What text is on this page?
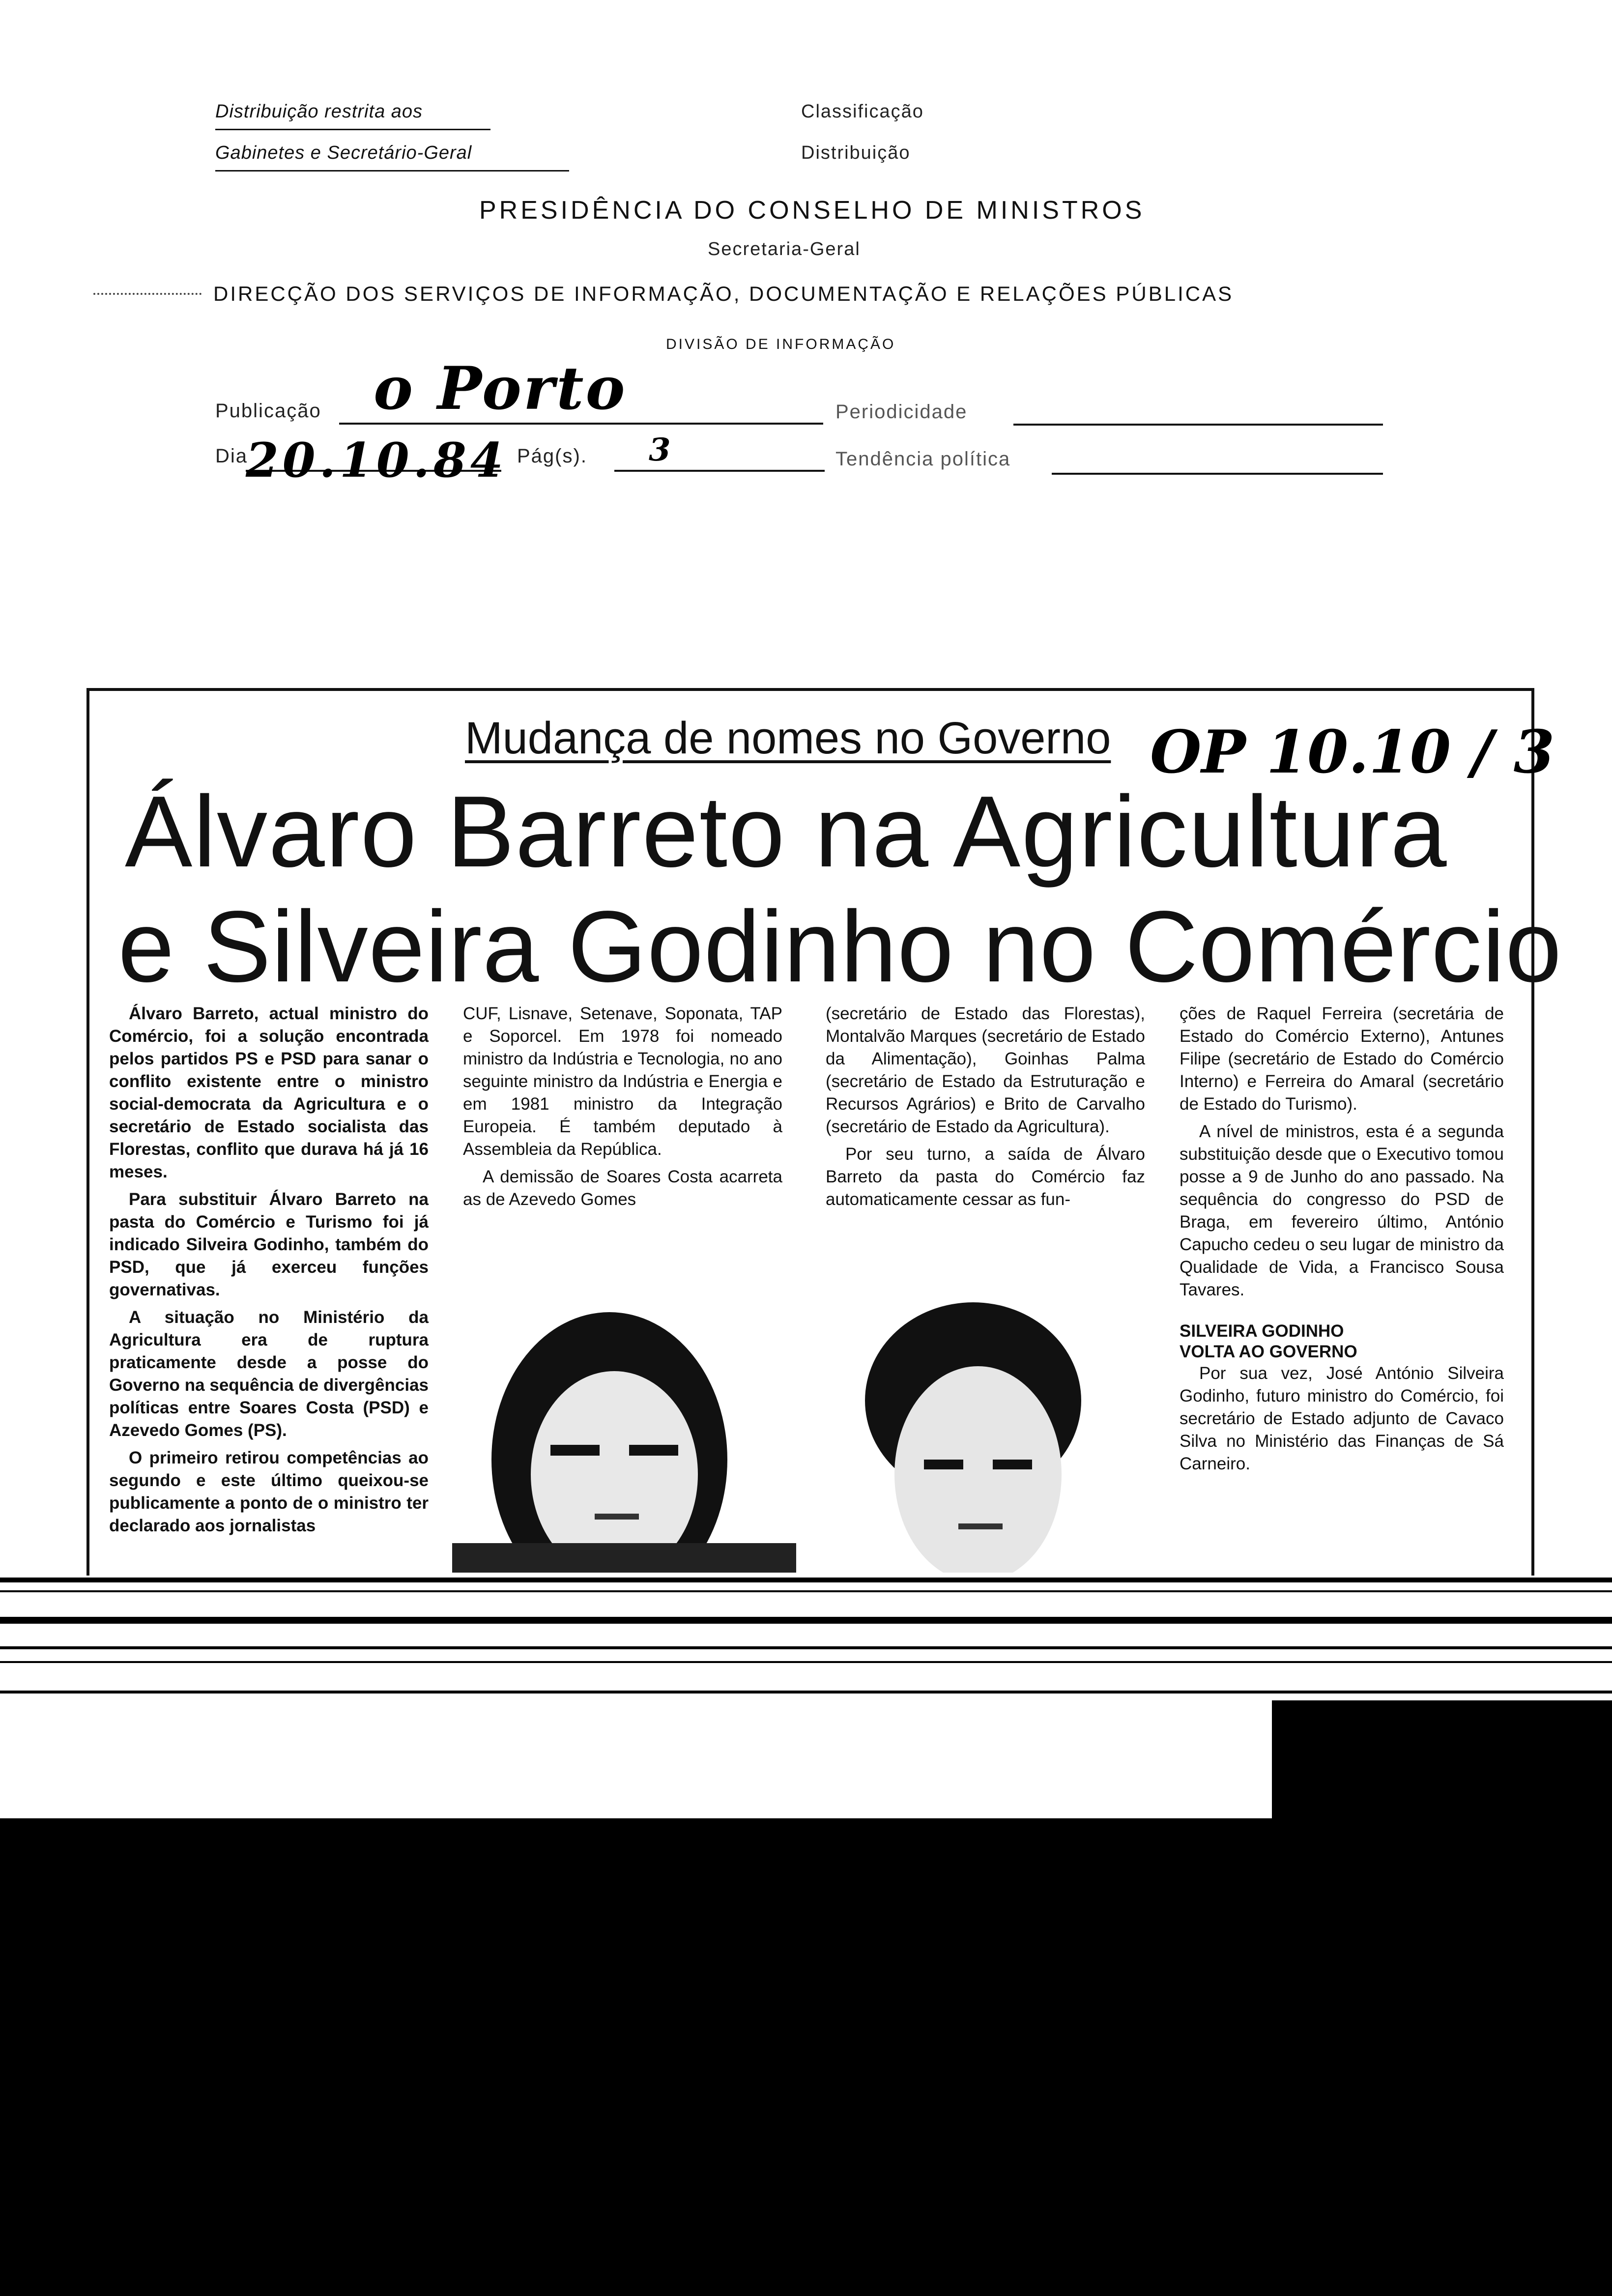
Distribuição restrita aos
Gabinetes e Secretário-Geral
Classificação
Distribuição
PRESIDÊNCIA DO CONSELHO DE MINISTROS
Secretaria-Geral
DIRECÇÃO DOS SERVIÇOS DE INFORMAÇÃO, DOCUMENTAÇÃO E RELAÇÕES PÚBLICAS
DIVISÃO DE INFORMAÇÃO
Publicação o Porto	Periodicidade
Dia
20.10.84 Pág(s). 3	Tendência política
Mudança de nomes no Governo OP 10.10 / 3
Álvaro Barreto na Agricultura
e Silveira Godinho no Comércio

Álvaro Barreto, actual ministro do Comércio, foi a solução encontrada pelos partidos PS e PSD para sanar o conflito existente entre o ministro social-democrata da Agricultura e o secretário de Estado socialista das Florestas, conflito que durava há já 16 meses.

Para substituir Álvaro Barreto na pasta do Comércio e Turismo foi já indicado Silveira Godinho, também do PSD, que já exerceu funções governativas.

A situação no Ministério da Agricultura era de ruptura praticamente desde a posse do Governo na sequência de divergências políticas entre Soares Costa (PSD) e Azevedo Gomes (PS).

O primeiro retirou competências ao segundo e este último queixou-se publicamente a ponto de o ministro ter declarado aos jornalistas

CUF, Lisnave, Setenave, Soponata, TAP e Soporcel. Em 1978 foi nomeado ministro da Indústria e Tecnologia, no ano seguinte ministro da Indústria e Energia e em 1981 ministro da Integração Europeia. É também deputado à Assembleia da República.

A demissão de Soares Costa acarreta as de Azevedo Gomes

(secretário de Estado das Florestas), Montalvão Marques (secretário de Estado da Alimentação), Goinhas Palma (secretário de Estado da Estruturação e Recursos Agrários) e Brito de Carvalho (secretário de Estado da Agricultura).

Por seu turno, a saída de Álvaro Barreto da pasta do Comércio faz automaticamente cessar as fun-

ções de Raquel Ferreira (secretária de Estado do Comércio Externo), Antunes Filipe (secretário de Estado do Comércio Interno) e Ferreira do Amaral (secretário de Estado do Turismo).

A nível de ministros, esta é a segunda substituição desde que o Executivo tomou posse a 9 de Junho do ano passado. Na sequência do congresso do PSD de Braga, em fevereiro último, António Capucho cedeu o seu lugar de ministro da Qualidade de Vida, a Francisco Sousa Tavares.

SILVEIRA GODINHO
VOLTA AO GOVERNO

Por sua vez, José António Silveira Godinho, futuro ministro do Comércio, foi secretário de Estado adjunto de Cavaco Silva no Ministério das Finanças de Sá Carneiro.
